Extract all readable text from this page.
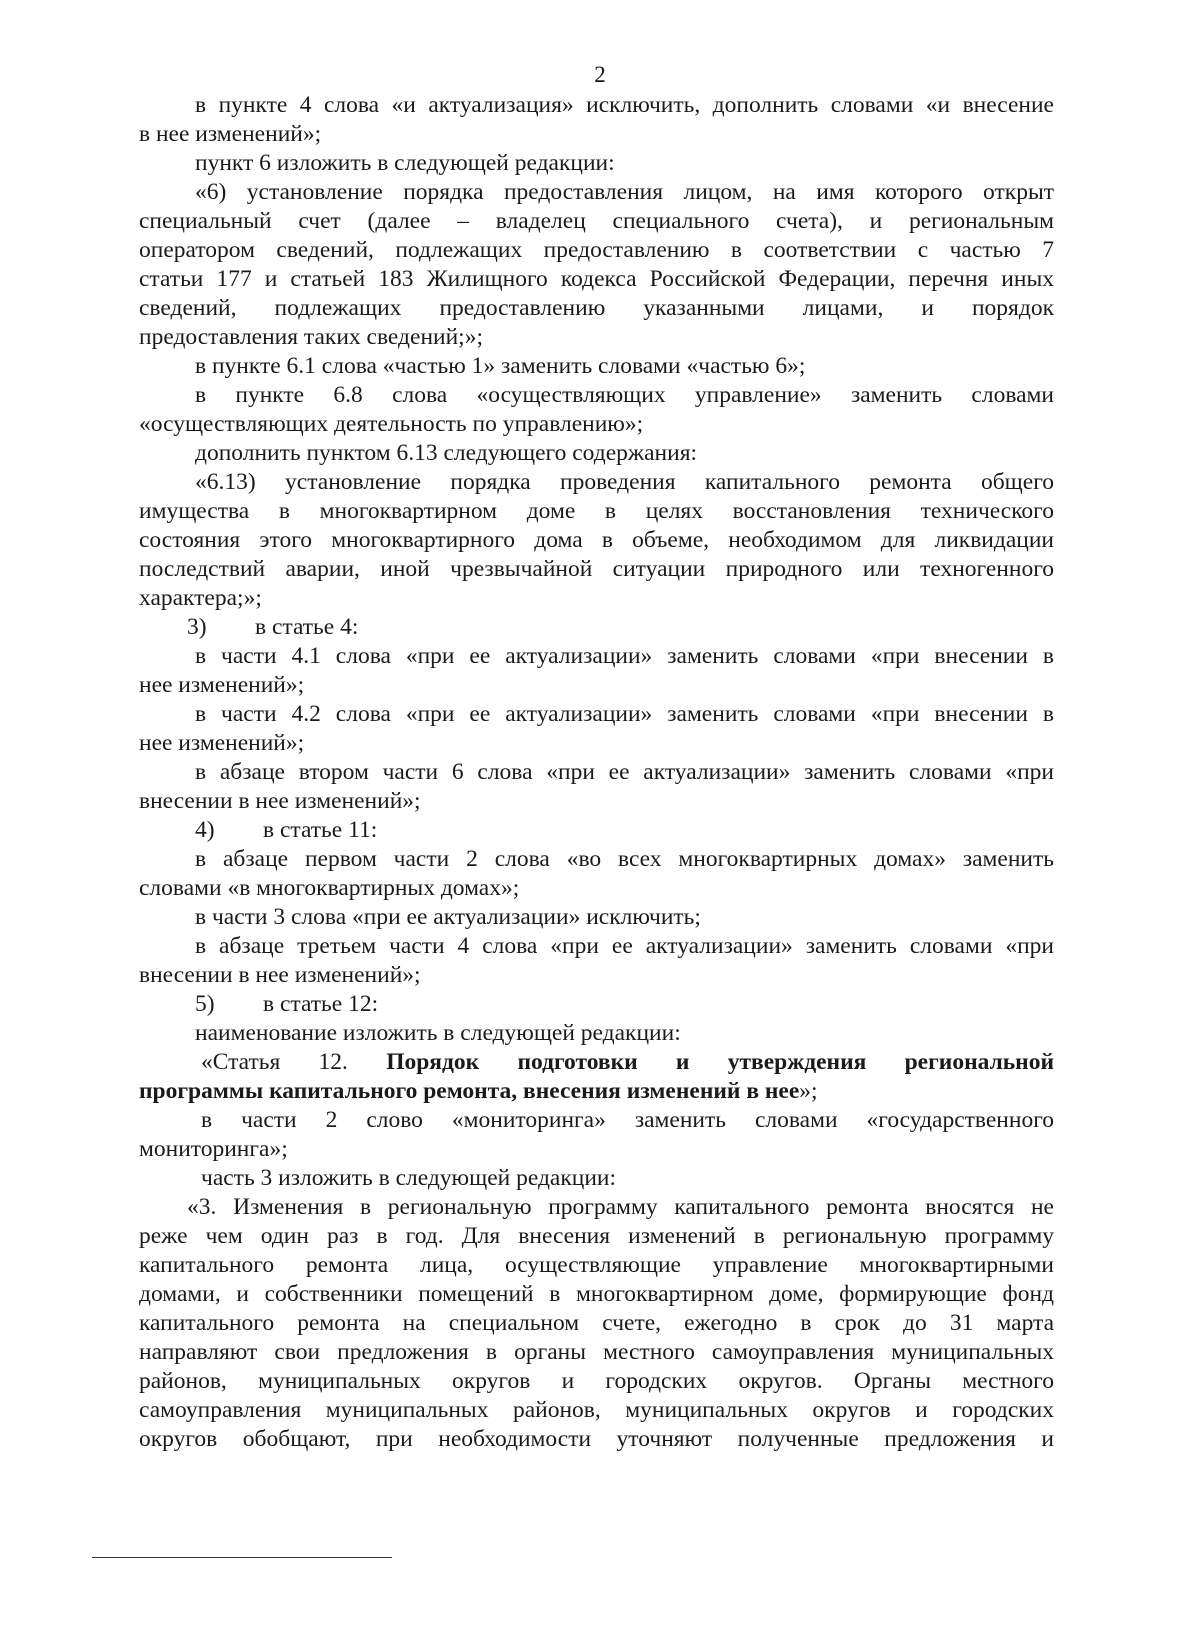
2
в пункте 4 слова «и актуализация» исключить, дополнить словами «и внесение
в нее изменений»;
пункт 6 изложить в следующей редакции:
«6) установление порядка предоставления лицом, на имя которого открыт
специальный счет (далее – владелец специального счета), и региональным
оператором сведений, подлежащих предоставлению в соответствии с частью 7
статьи 177 и статьей 183 Жилищного кодекса Российской Федерации, перечня иных
сведений, подлежащих предоставлению указанными лицами, и порядок
предоставления таких сведений;»;
в пункте 6.1 слова «частью 1» заменить словами «частью 6»;
в пункте 6.8 слова «осуществляющих управление» заменить словами
«осуществляющих деятельность по управлению»;
дополнить пунктом 6.13 следующего содержания:
«6.13) установление порядка проведения капитального ремонта общего
имущества в многоквартирном доме в целях восстановления технического
состояния этого многоквартирного дома в объеме, необходимом для ликвидации
последствий аварии, иной чрезвычайной ситуации природного или техногенного
характера;»;
3) в статье 4:
в части 4.1 слова «при ее актуализации» заменить словами «при внесении в
нее изменений»;
в части 4.2 слова «при ее актуализации» заменить словами «при внесении в
нее изменений»;
в абзаце втором части 6 слова «при ее актуализации» заменить словами «при
внесении в нее изменений»;
4) в статье 11:
в абзаце первом части 2 слова «во всех многоквартирных домах» заменить
словами «в многоквартирных домах»;
в части 3 слова «при ее актуализации» исключить;
в абзаце третьем части 4 слова «при ее актуализации» заменить словами «при
внесении в нее изменений»;
5) в статье 12:
наименование изложить в следующей редакции:
«Статья 12. Порядок подготовки и утверждения региональной
программы капитального ремонта, внесения изменений в нее»;
в части 2 слово «мониторинга» заменить словами «государственного
мониторинга»;
часть 3 изложить в следующей редакции:
«3. Изменения в региональную программу капитального ремонта вносятся не
реже чем один раз в год. Для внесения изменений в региональную программу
капитального ремонта лица, осуществляющие управление многоквартирными
домами, и собственники помещений в многоквартирном доме, формирующие фонд
капитального ремонта на специальном счете, ежегодно в срок до 31 марта
направляют свои предложения в органы местного самоуправления муниципальных
районов, муниципальных округов и городских округов. Органы местного
самоуправления муниципальных районов, муниципальных округов и городских
округов обобщают, при необходимости уточняют полученные предложения и
